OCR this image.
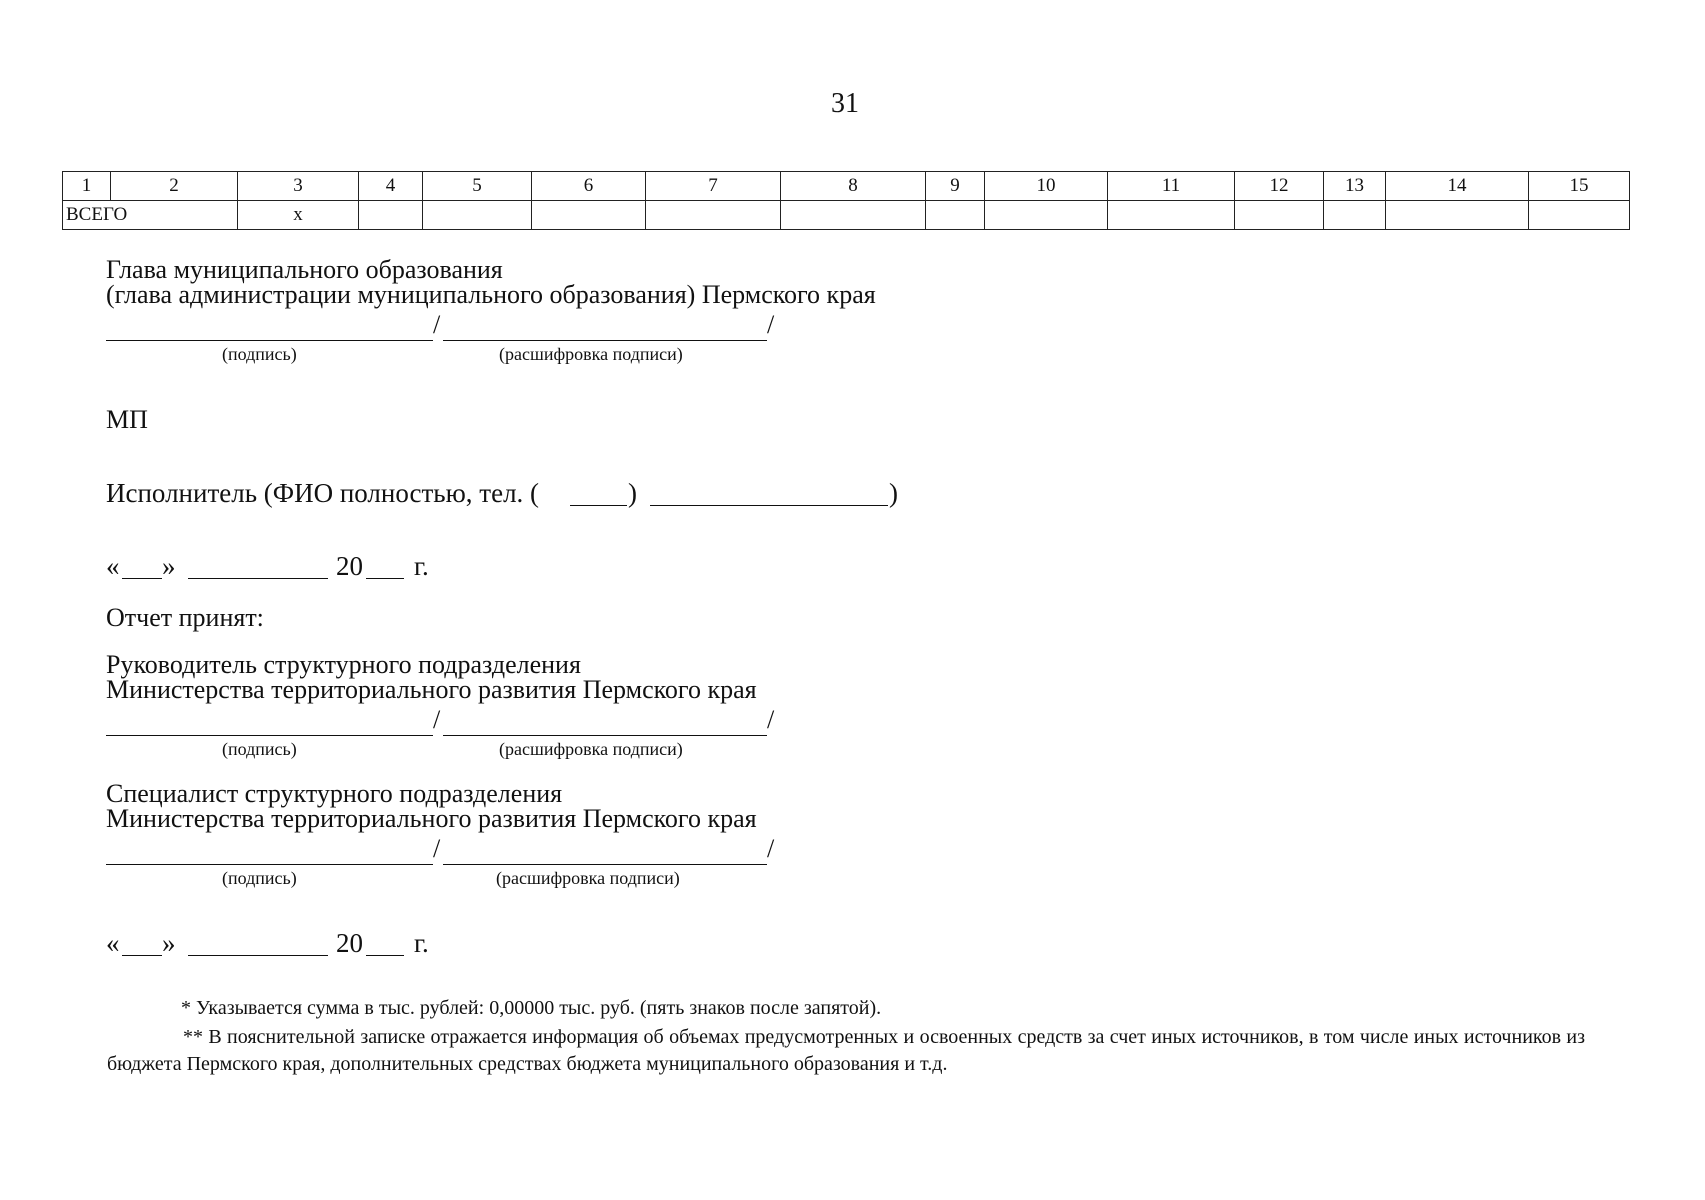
31
1	2	3	4	5	6	7	8	9	10	11	12	13	14	15
ВСЕГО		х												
Глава муниципального образования
(глава администрации муниципального образования) Пермского края
/	/
(подпись)	(расшифровка подписи)
МП
Исполнитель (ФИО полностью, тел. (	)	)
« »	20 г.
Отчет принят:
Руководитель структурного подразделения
Министерства территориального развития Пермского края
/	/
(подпись)	(расшифровка подписи)
Специалист структурного подразделения
Министерства территориального развития Пермского края
/	/
(подпись)	(расшифровка подписи)
« »	20 г.
* Указывается сумма в тыс. рублей: 0,00000 тыс. руб. (пять знаков после запятой).
** В пояснительной записке отражается информация об объемах предусмотренных и освоенных средств за счет иных источников, в том числе иных источников из бюджета Пермского края, дополнительных средствах бюджета муниципального образования и т.д.
